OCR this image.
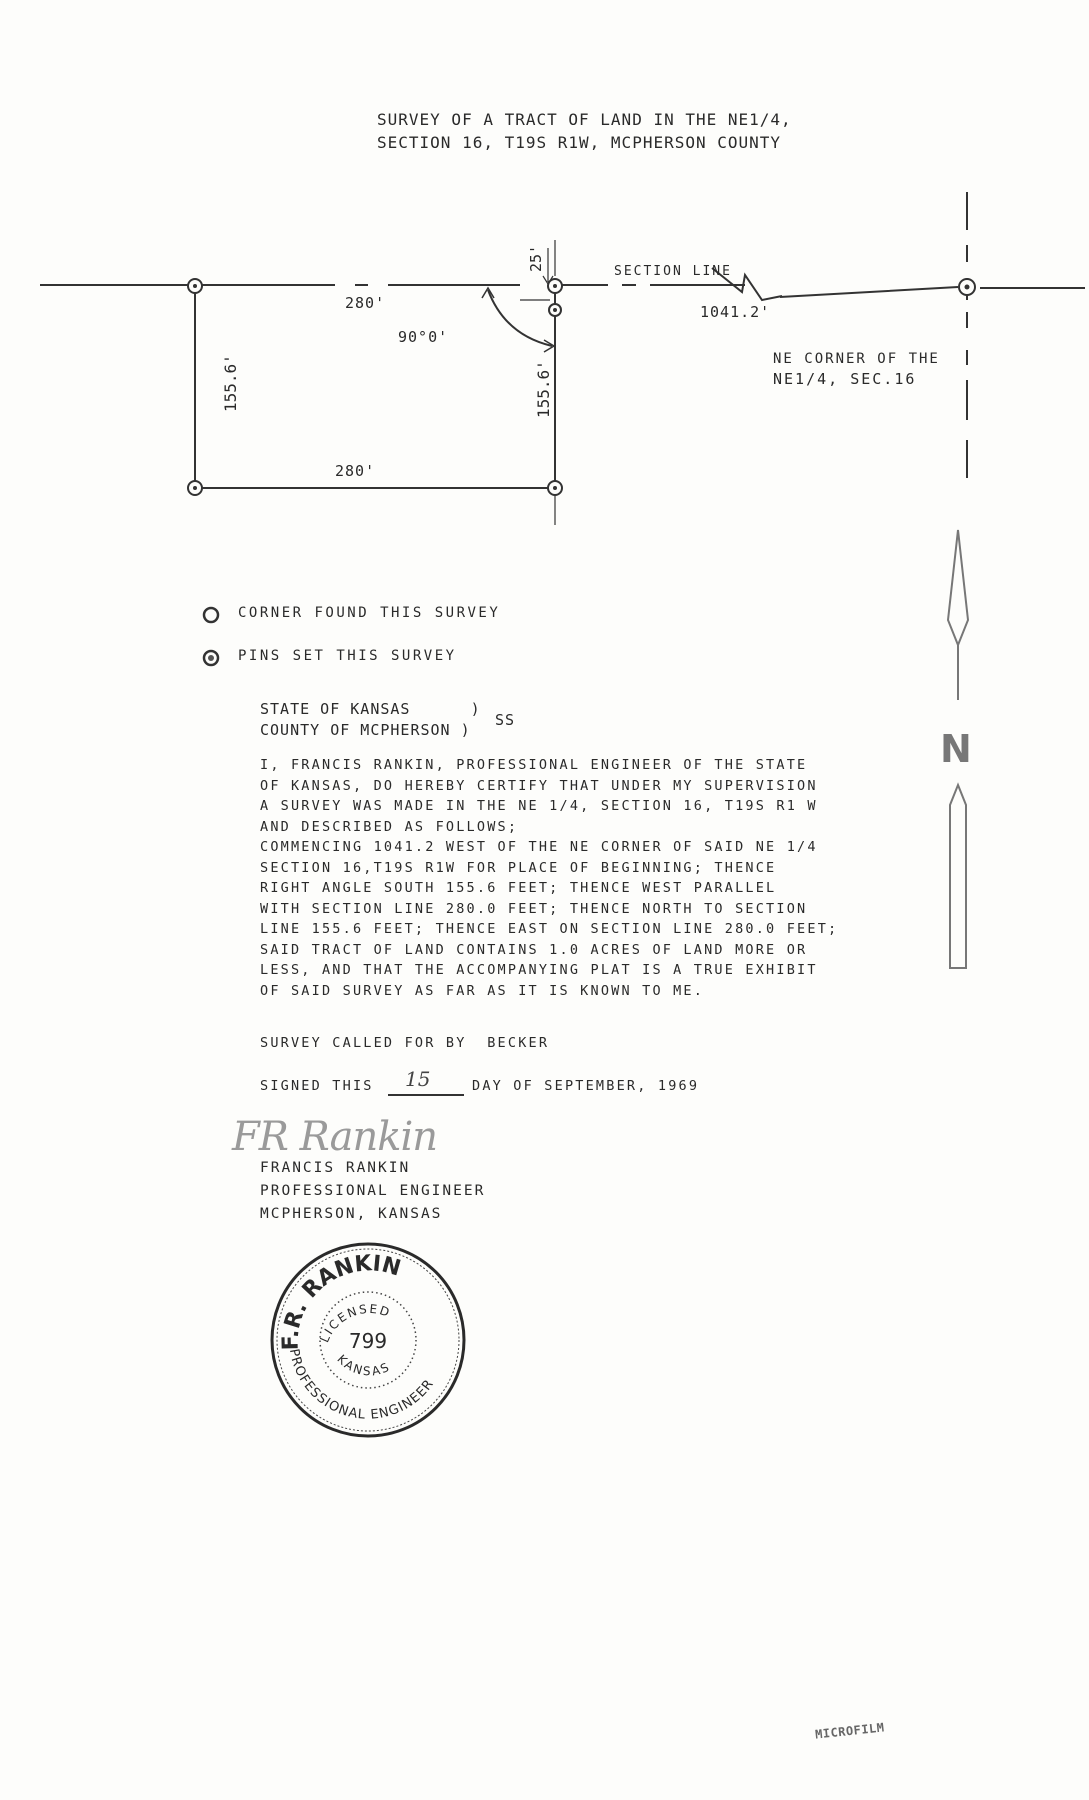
SURVEY OF A TRACT OF LAND IN THE NE1/4,
SECTION 16, T19S R1W, MCPHERSON COUNTY
155.6'	155.6'
25'
280'
90°0'
280'
SECTION LINE
1041.2'
NE CORNER OF THE
NE1/4, SEC.16
N
CORNER FOUND THIS SURVEY
PINS SET THIS SURVEY
STATE OF KANSAS      )
COUNTY OF MCPHERSON )
SS
I, FRANCIS RANKIN, PROFESSIONAL ENGINEER OF THE STATE
OF KANSAS, DO HEREBY CERTIFY THAT UNDER MY SUPERVISION
A SURVEY WAS MADE IN THE NE 1/4, SECTION 16, T19S R1 W
AND DESCRIBED AS FOLLOWS;
COMMENCING 1041.2 WEST OF THE NE CORNER OF SAID NE 1/4
SECTION 16,T19S R1W FOR PLACE OF BEGINNING; THENCE
RIGHT ANGLE SOUTH 155.6 FEET; THENCE WEST PARALLEL
WITH SECTION LINE 280.0 FEET; THENCE NORTH TO SECTION
LINE 155.6 FEET; THENCE EAST ON SECTION LINE 280.0 FEET;
SAID TRACT OF LAND CONTAINS 1.0 ACRES OF LAND MORE OR
LESS, AND THAT THE ACCOMPANYING PLAT IS A TRUE EXHIBIT
OF SAID SURVEY AS FAR AS IT IS KNOWN TO ME.
SURVEY CALLED FOR BY  BECKER
SIGNED THIS 15	DAY OF SEPTEMBER, 1969
FR Rankin
FRANCIS RANKIN
PROFESSIONAL ENGINEER
MCPHERSON, KANSAS
F.R. RANKIN
PROFESSIONAL ENGINEER
LICENSED
KANSAS
799
MICROFILM
